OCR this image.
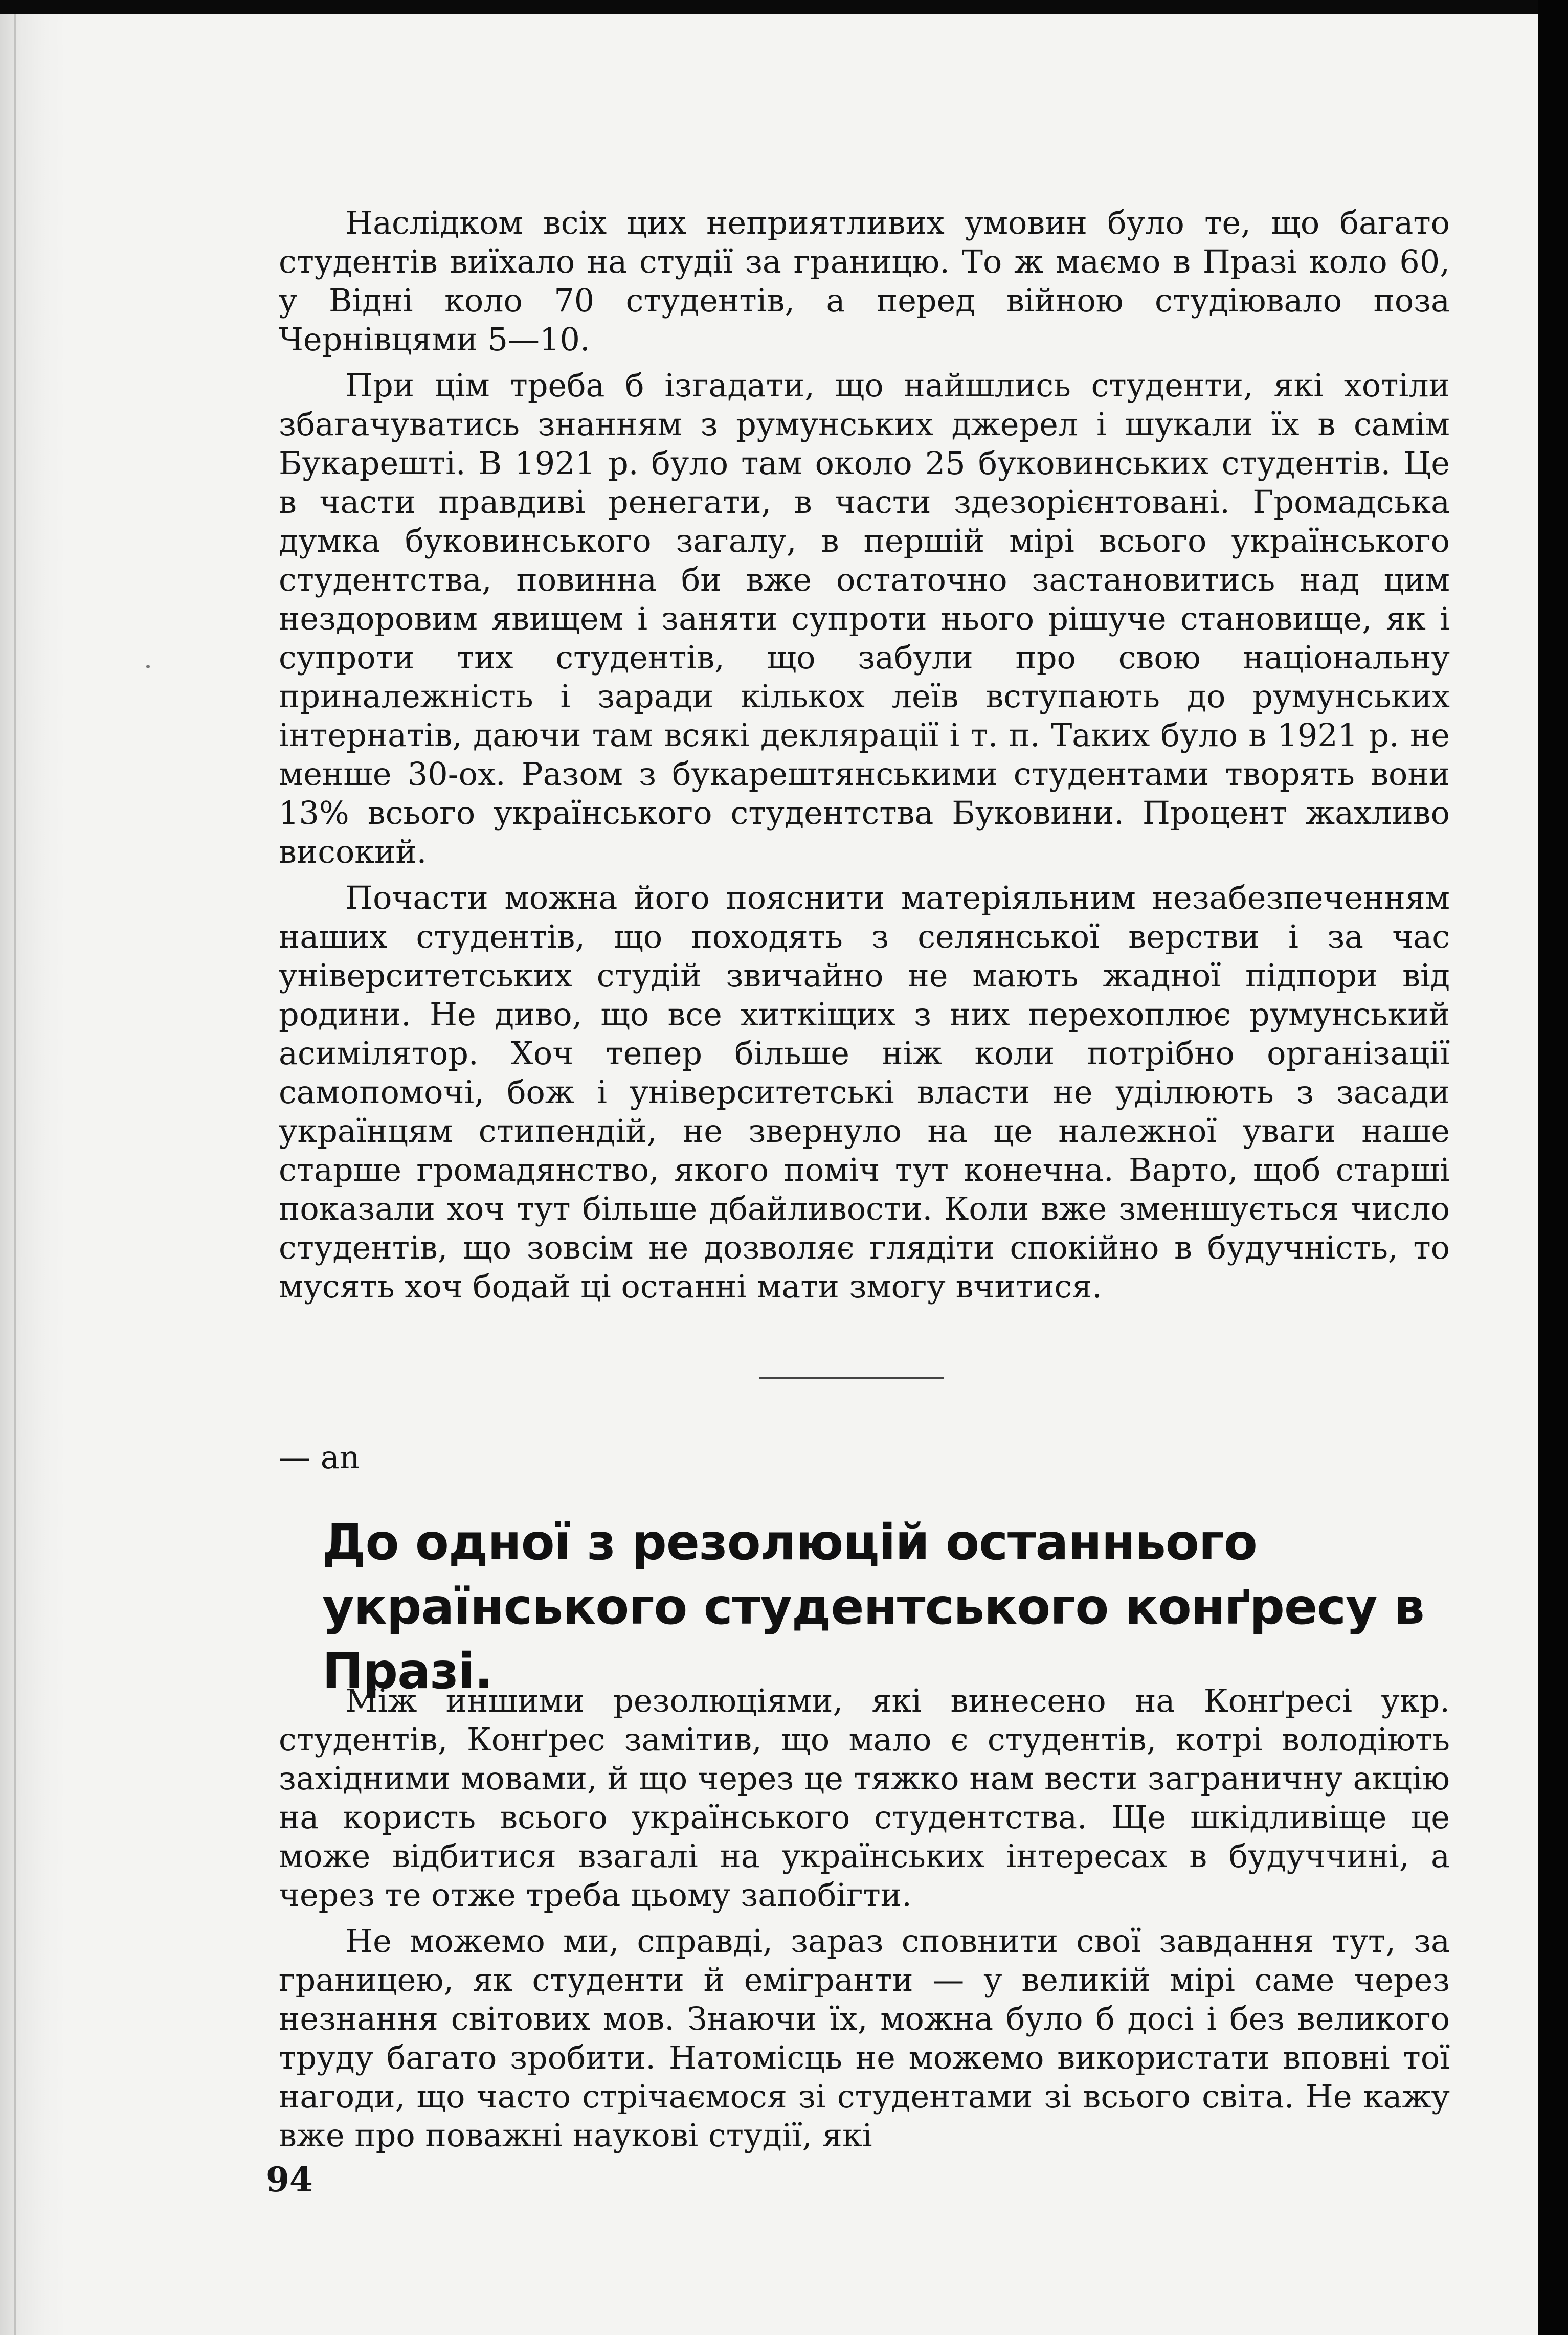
Наслідком всіх цих неприятливих умовин було те, що багато студентів виїхало на студії за границю. То ж маємо в Празі коло 60, у Відні коло 70 студентів, а перед війною студіювало поза Чернівцями 5—10.

При цім треба б ізгадати, що найшлись студенти, які хотіли збагачуватись знанням з румунських джерел і шукали їх в самім Букарешті. В 1921 р. було там около 25 буковинських студентів. Це в части правдиві ренегати, в части здезорієнтовані. Громадська думка буковинського загалу, в першій мірі всього українського студентства, повинна би вже остаточно застановитись над цим нездоровим явищем і заняти супроти нього рішуче становище, як і супроти тих студентів, що забули про свою національну приналежність і заради кількох леїв вступають до румунських інтернатів, даючи там всякі деклярації і т. п. Таких було в 1921 р. не менше 30-ох. Разом з букарештянськими студентами творять вони 13% всього українського студентства Буковини. Процент жахливо високий.

Почасти можна його пояснити матеріяльним незабезпеченням наших студентів, що походять з селянської верстви і за час університетських студій звичайно не мають жадної підпори від родини. Не диво, що все хиткіщих з них перехоплює румунський асимілятор. Хоч тепер більше ніж коли потрібно організації самопомочі, бож і університетські власти не уділюють з засади українцям стипендій, не звернуло на це належної уваги наше старше громадянство, якого поміч тут конечна. Варто, щоб старші показали хоч тут більше дбайливости. Коли вже зменшується число студентів, що зовсім не дозволяє глядіти спокійно в будучність, то мусять хоч бодай ці останні мати змогу вчитися.

— an
До одної з резолюцій останнього українського студентського конґресу в Празі.

Між иншими резолюціями, які винесено на Конґресі укр. студентів, Конґрес замітив, що мало є студентів, котрі володіють західними мовами, й що через це тяжко нам вести заграничну акцію на користь всього українського студентства. Ще шкідливіще це може відбитися взагалі на українських інтересах в будуччині, а через те отже треба цьому запобігти.

Не можемо ми, справді, зараз сповнити свої завдання тут, за границею, як студенти й емігранти — у великій мірі саме через незнання світових мов. Знаючи їх, можна було б досі і без великого труду багато зробити. Натомісць не можемо використати вповні тої нагоди, що часто стрічаємося зі студентами зі всього світа. Не кажу вже про поважні наукові студії, які

94
